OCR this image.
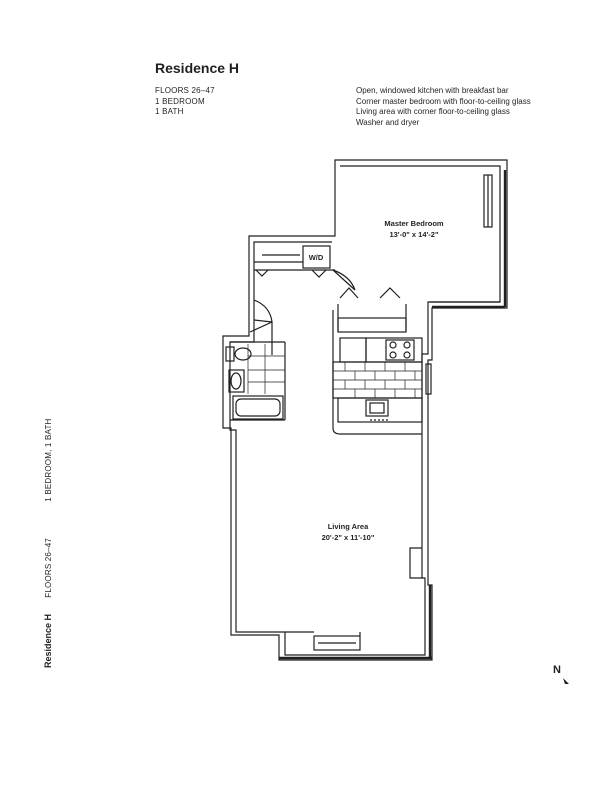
Residence H
FLOORS 26–47
1 BEDROOM
1 BATH
Open, windowed kitchen with breakfast bar
Corner master bedroom with floor-to-ceiling glass
Living area with corner floor-to-ceiling glass
Washer and dryer
Residence H FLOORS 26–47 1 BEDROOM, 1 BATH
Master Bedroom
13'-0" x 14'-2"
W/D
Living Area
20'-2" x 11'-10"
N
